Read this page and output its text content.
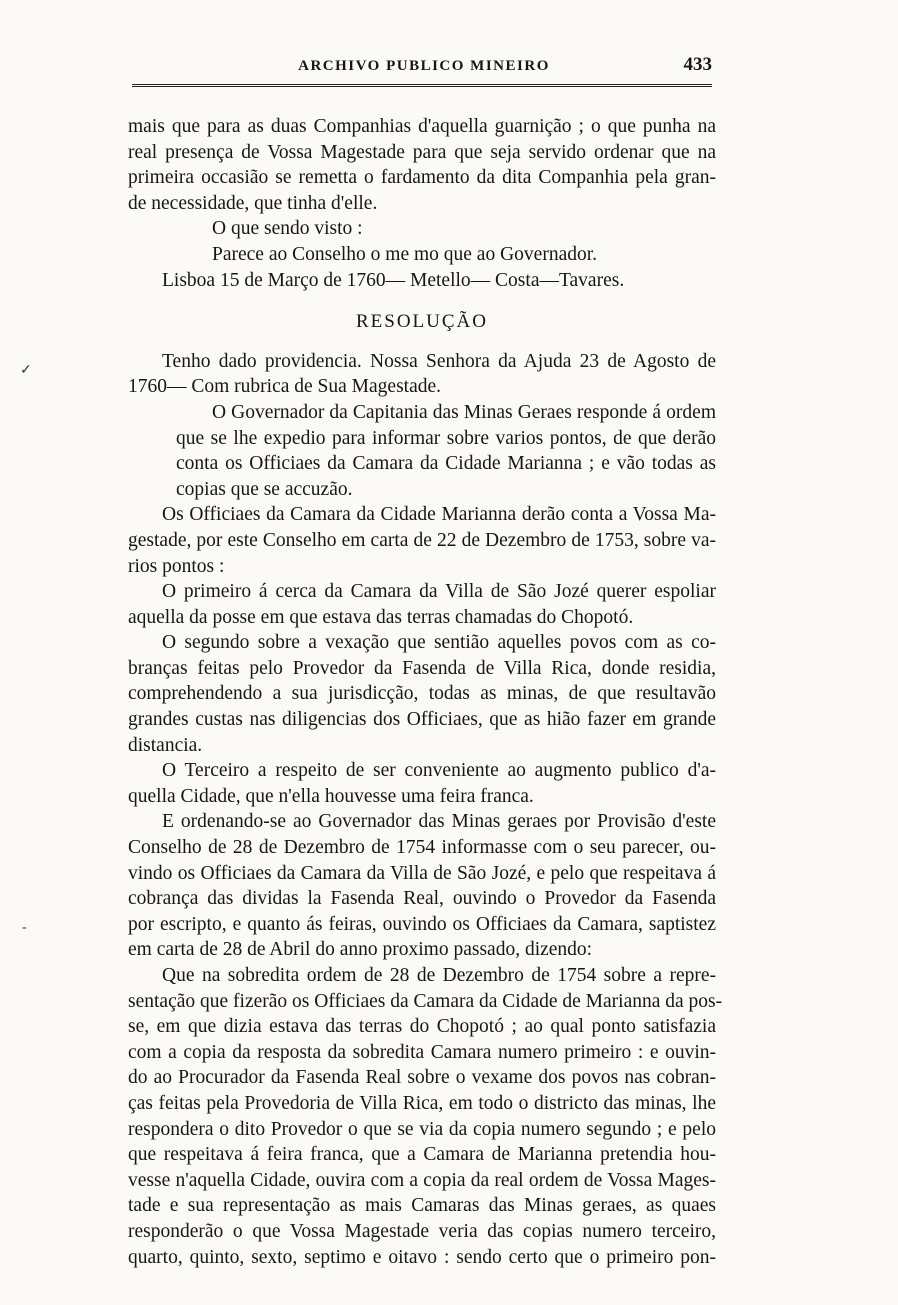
ARCHIVO PUBLICO MINEIRO	433
✓
-
mais que para as duas Companhias d'aquella guarnição ; o que punha na
real presença de Vossa Magestade para que seja servido ordenar que na
primeira occasião se remetta o fardamento da dita Companhia pela gran-
de necessidade, que tinha d'elle.
O que sendo visto :
Parece ao Conselho o me mo que ao Governador.
Lisboa 15 de Março de 1760— Metello— Costa—Tavares.
RESOLUÇÃO
Tenho dado providencia. Nossa Senhora da Ajuda 23 de Agosto de
1760— Com rubrica de Sua Magestade.
O Governador da Capitania das Minas Geraes responde á ordem
que se lhe expedio para informar sobre varios pontos, de que derão
conta os Officiaes da Camara da Cidade Marianna ; e vão todas as
copias que se accuzão.
Os Officiaes da Camara da Cidade Marianna derão conta a Vossa Ma-
gestade, por este Conselho em carta de 22 de Dezembro de 1753, sobre va-
rios pontos :
O primeiro á cerca da Camara da Villa de São Jozé querer espoliar
aquella da posse em que estava das terras chamadas do Chopotó.
O segundo sobre a vexação que sentião aquelles povos com as co-
branças feitas pelo Provedor da Fasenda de Villa Rica, donde residia,
comprehendendo a sua jurisdicção, todas as minas, de que resultavão
grandes custas nas diligencias dos Officiaes, que as hião fazer em grande
distancia.
O Terceiro a respeito de ser conveniente ao augmento publico d'a-
quella Cidade, que n'ella houvesse uma feira franca.
E ordenando-se ao Governador das Minas geraes por Provisão d'este
Conselho de 28 de Dezembro de 1754 informasse com o seu parecer, ou-
vindo os Officiaes da Camara da Villa de São Jozé, e pelo que respeitava á
cobrança das dividas la Fasenda Real, ouvindo o Provedor da Fasenda
por escripto, e quanto ás feiras, ouvindo os Officiaes da Camara, saptistez
em carta de 28 de Abril do anno proximo passado, dizendo:
Que na sobredita ordem de 28 de Dezembro de 1754 sobre a repre-
sentação que fizerão os Officiaes da Camara da Cidade de Marianna da pos-
se, em que dizia estava das terras do Chopotó ; ao qual ponto satisfazia
com a copia da resposta da sobredita Camara numero primeiro : e ouvin-
do ao Procurador da Fasenda Real sobre o vexame dos povos nas cobran-
ças feitas pela Provedoria de Villa Rica, em todo o districto das minas, lhe
respondera o dito Provedor o que se via da copia numero segundo ; e pelo
que respeitava á feira franca, que a Camara de Marianna pretendia hou-
vesse n'aquella Cidade, ouvira com a copia da real ordem de Vossa Mages-
tade e sua representação as mais Camaras das Minas geraes, as quaes
responderão o que Vossa Magestade veria das copias numero terceiro,
quarto, quinto, sexto, septimo e oitavo : sendo certo que o primeiro pon-
